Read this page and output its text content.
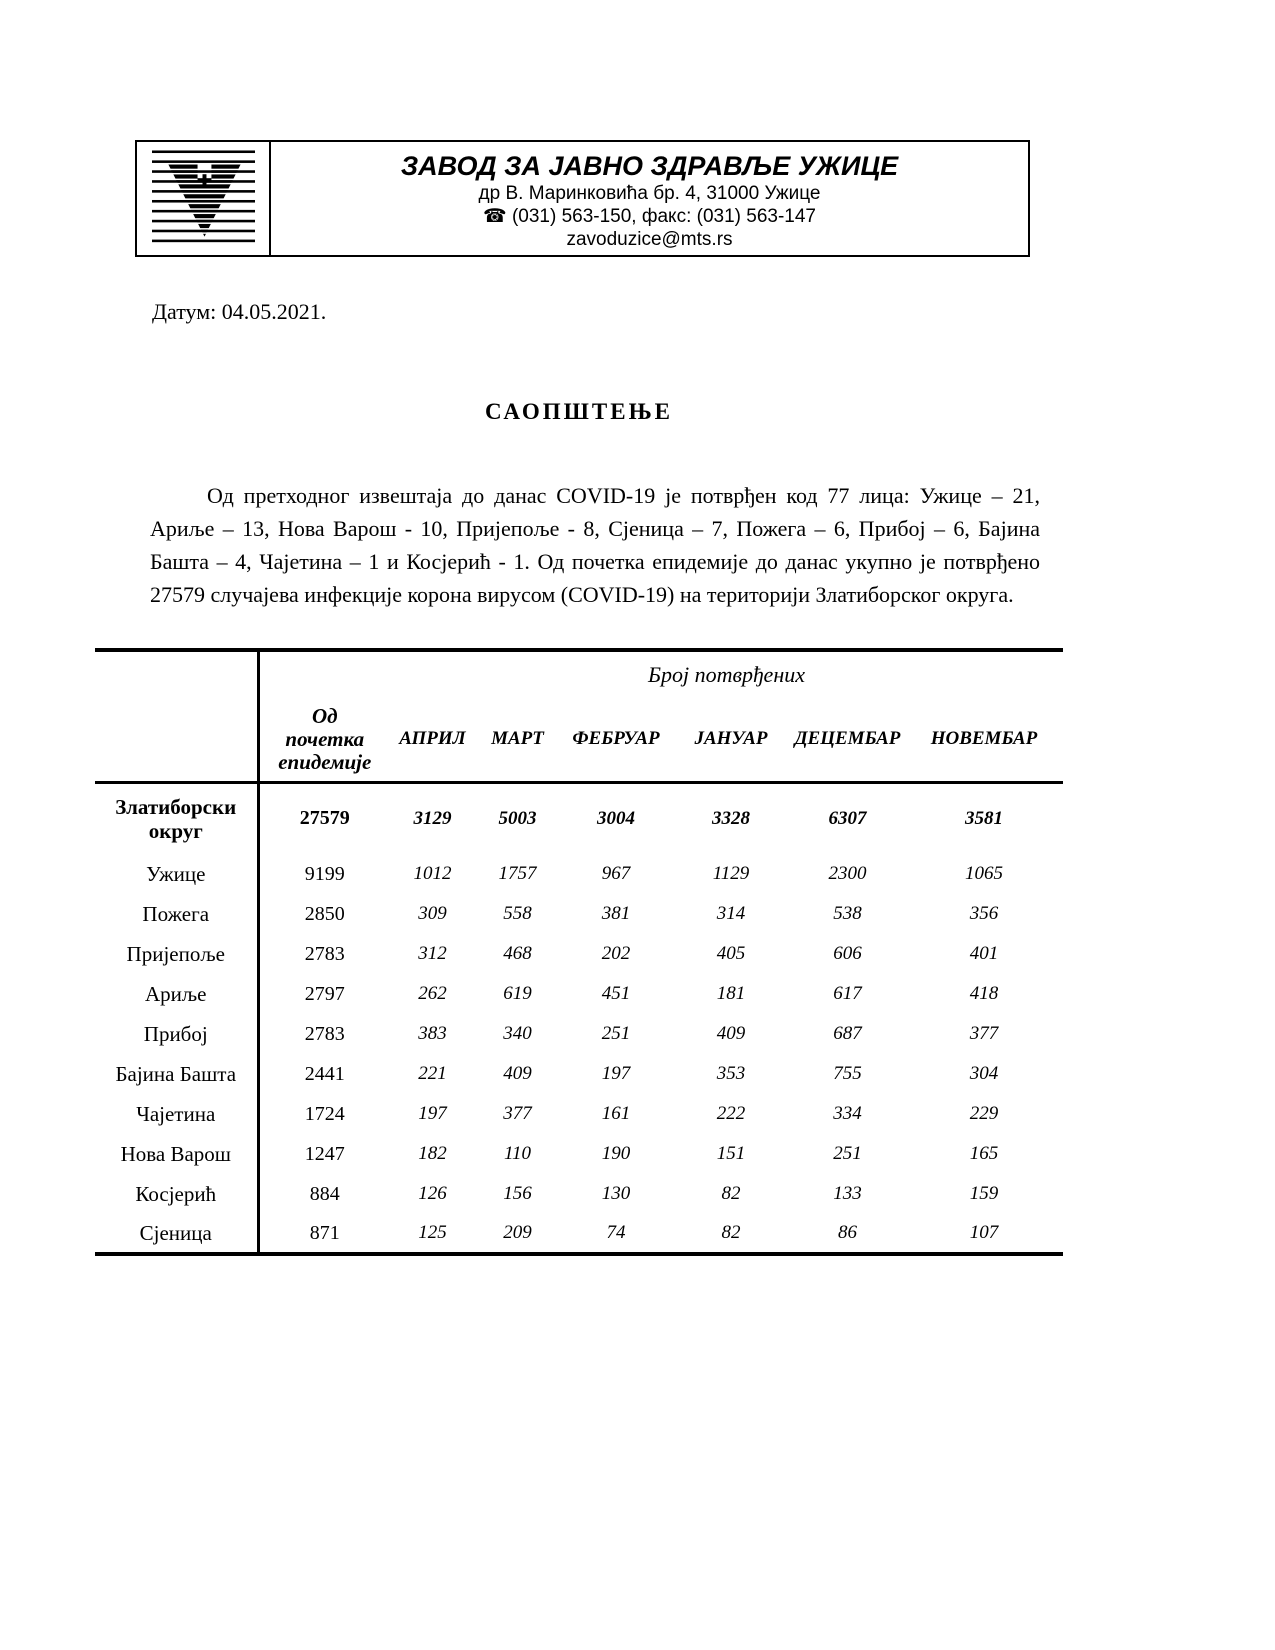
ЗАВОД ЗА ЈАВНО ЗДРАВЉЕ УЖИЦЕ
др В. Маринковића бр. 4, 31000 Ужице
☎ (031) 563-150, факс: (031) 563-147
zavoduzice@mts.rs
Датум: 04.05.2021.
САОПШТЕЊЕ

Од претходног извештаја до данас COVID-19 је потврђен код 77 лица: Ужице – 21, Ариље – 13, Нова Варош - 10, Пријепоље - 8, Сјеница – 7, Пожега – 6, Прибој – 6, Бајина Башта – 4, Чајетина – 1 и Косјерић - 1. Од почетка епидемије до данас укупно је потврђено 27579 случајева инфекције корона вирусом (COVID-19) на територији Златиборског округа.

		Број потврђених					
	Од почетка епидемије	АПРИЛ	МАРТ	ФЕБРУАР	ЈАНУАР	ДЕЦЕМБАР	НОВЕМБАР
Златиборски округ	27579	3129	5003	3004	3328	6307	3581
Ужице	9199	1012	1757	967	1129	2300	1065
Пожега	2850	309	558	381	314	538	356
Пријепоље	2783	312	468	202	405	606	401
Ариље	2797	262	619	451	181	617	418
Прибој	2783	383	340	251	409	687	377
Бајина Башта	2441	221	409	197	353	755	304
Чајетина	1724	197	377	161	222	334	229
Нова Варош	1247	182	110	190	151	251	165
Косјерић	884	126	156	130	82	133	159
Сјеница	871	125	209	74	82	86	107
